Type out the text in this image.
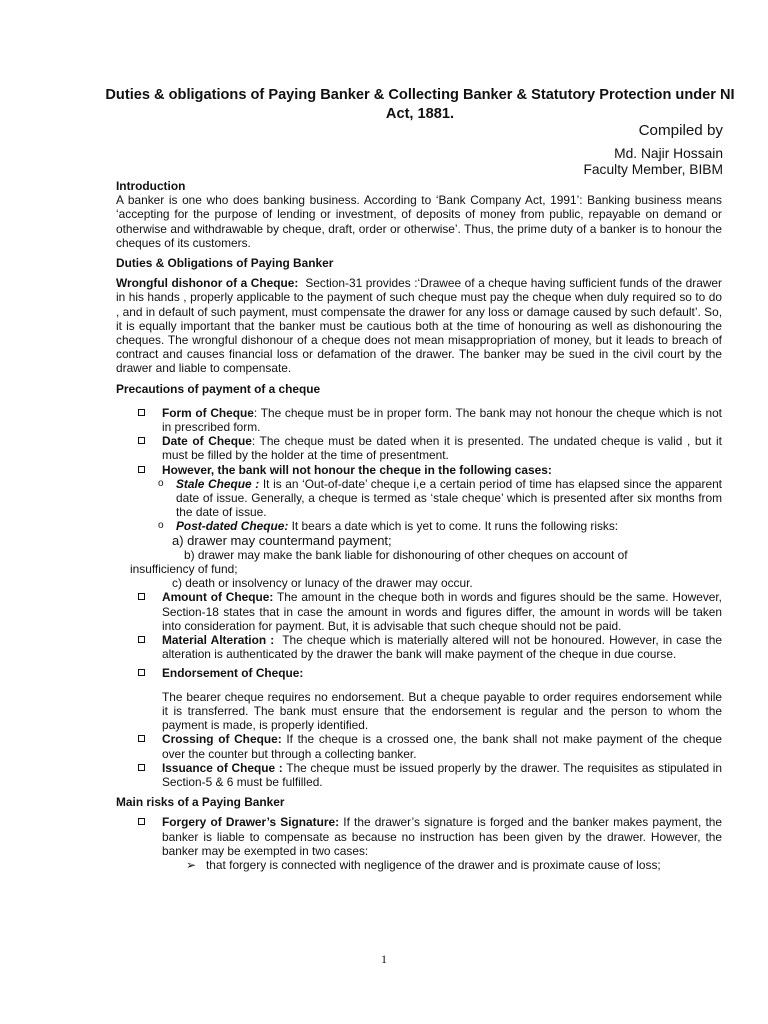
Duties & obligations of Paying Banker & Collecting Banker & Statutory Protection under NI Act, 1881.
Compiled by
Md. Najir Hossain
Faculty Member, BIBM

Introduction

A banker is one who does banking business. According to ‘Bank Company Act, 1991’: Banking business means ‘accepting for the purpose of lending or investment, of deposits of money from public, repayable on demand or otherwise and withdrawable by cheque, draft, order or otherwise’. Thus, the prime duty of a banker is to honour the cheques of its customers.

Duties & Obligations of Paying Banker

Wrongful dishonor of a Cheque: Section-31 provides :‘Drawee of a cheque having sufficient funds of the drawer in his hands , properly applicable to the payment of such cheque must pay the cheque when duly required so to do , and in default of such payment, must compensate the drawer for any loss or damage caused by such default’. So, it is equally important that the banker must be cautious both at the time of honouring as well as dishonouring the cheques. The wrongful dishonour of a cheque does not mean misappropriation of money, but it leads to breach of contract and causes financial loss or defamation of the drawer. The banker may be sued in the civil court by the drawer and liable to compensate.

Precautions of payment of a cheque

Form of Cheque: The cheque must be in proper form. The bank may not honour the cheque which is not in prescribed form.

Date of Cheque: The cheque must be dated when it is presented. The undated cheque is valid , but it must be filled by the holder at the time of presentment.

However, the bank will not honour the cheque in the following cases:

o Stale Cheque : It is an ‘Out-of-date’ cheque i,e a certain period of time has elapsed since the apparent date of issue. Generally, a cheque is termed as ‘stale cheque’ which is presented after six months from the date of issue.

o Post-dated Cheque: It bears a date which is yet to come. It runs the following risks:

a) drawer may countermand payment;

b) drawer may make the bank liable for dishonouring of other cheques on account of

insufficiency of fund;

c) death or insolvency or lunacy of the drawer may occur.

Amount of Cheque: The amount in the cheque both in words and figures should be the same. However, Section-18 states that in case the amount in words and figures differ, the amount in words will be taken into consideration for payment. But, it is advisable that such cheque should not be paid.

Material Alteration : The cheque which is materially altered will not be honoured. However, in case the alteration is authenticated by the drawer the bank will make payment of the cheque in due course.

Endorsement of Cheque:

The bearer cheque requires no endorsement. But a cheque payable to order requires endorsement while it is transferred. The bank must ensure that the endorsement is regular and the person to whom the payment is made, is properly identified.

Crossing of Cheque: If the cheque is a crossed one, the bank shall not make payment of the cheque over the counter but through a collecting banker.

Issuance of Cheque : The cheque must be issued properly by the drawer. The requisites as stipulated in Section-5 & 6 must be fulfilled.

Main risks of a Paying Banker

Forgery of Drawer’s Signature: If the drawer’s signature is forged and the banker makes payment, the banker is liable to compensate as because no instruction has been given by the drawer. However, the banker may be exempted in two cases:

➢ that forgery is connected with negligence of the drawer and is proximate cause of loss;

1
